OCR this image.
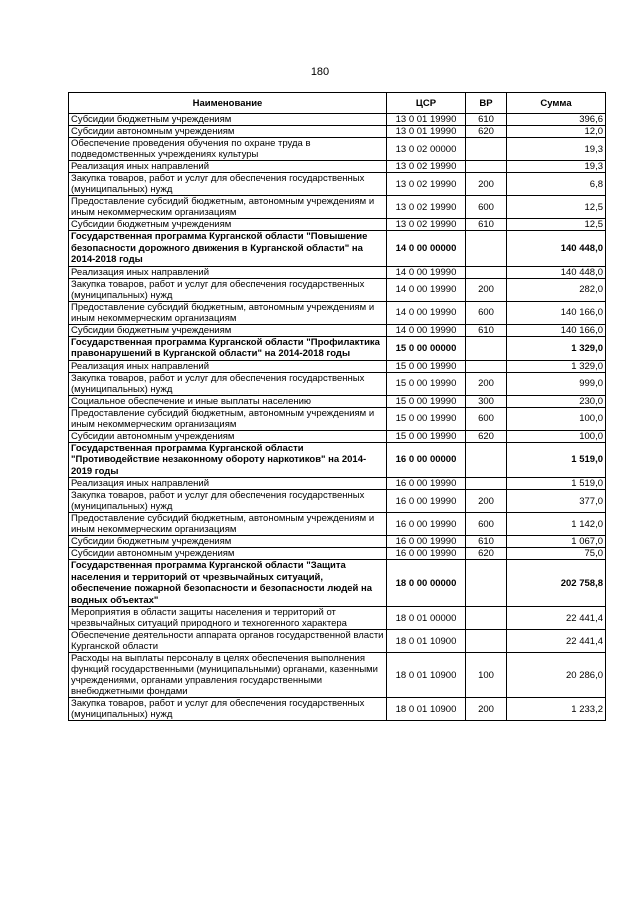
180
Наименование	ЦСР	ВР	Сумма
Субсидии бюджетным учреждениям	13 0 01 19990	610	396,6
Субсидии автономным учреждениям	13 0 01 19990	620	12,0
Обеспечение проведения обучения по охране труда в подведомственных учреждениях культуры	13 0 02 00000		19,3
Реализация иных направлений	13 0 02 19990		19,3
Закупка товаров, работ и услуг для обеспечения государственных (муниципальных) нужд	13 0 02 19990	200	6,8
Предоставление субсидий бюджетным, автономным учреждениям и иным некоммерческим организациям	13 0 02 19990	600	12,5
Субсидии бюджетным учреждениям	13 0 02 19990	610	12,5
Государственная программа Курганской области "Повышение безопасности дорожного движения в Курганской области" на 2014-2018 годы	14 0 00 00000		140 448,0
Реализация иных направлений	14 0 00 19990		140 448,0
Закупка товаров, работ и услуг для обеспечения государственных (муниципальных) нужд	14 0 00 19990	200	282,0
Предоставление субсидий бюджетным, автономным учреждениям и иным некоммерческим организациям	14 0 00 19990	600	140 166,0
Субсидии бюджетным учреждениям	14 0 00 19990	610	140 166,0
Государственная программа Курганской области "Профилактика правонарушений в Курганской области" на 2014-2018 годы	15 0 00 00000		1 329,0
Реализация иных направлений	15 0 00 19990		1 329,0
Закупка товаров, работ и услуг для обеспечения государственных (муниципальных) нужд	15 0 00 19990	200	999,0
Социальное обеспечение и иные выплаты населению	15 0 00 19990	300	230,0
Предоставление субсидий бюджетным, автономным учреждениям и иным некоммерческим организациям	15 0 00 19990	600	100,0
Субсидии автономным учреждениям	15 0 00 19990	620	100,0
Государственная программа Курганской области "Противодействие незаконному обороту наркотиков" на 2014-2019 годы	16 0 00 00000		1 519,0
Реализация иных направлений	16 0 00 19990		1 519,0
Закупка товаров, работ и услуг для обеспечения государственных (муниципальных) нужд	16 0 00 19990	200	377,0
Предоставление субсидий бюджетным, автономным учреждениям и иным некоммерческим организациям	16 0 00 19990	600	1 142,0
Субсидии бюджетным учреждениям	16 0 00 19990	610	1 067,0
Субсидии автономным учреждениям	16 0 00 19990	620	75,0
Государственная программа Курганской области "Защита населения и территорий от чрезвычайных ситуаций, обеспечение пожарной безопасности и безопасности людей на водных объектах"	18 0 00 00000		202 758,8
Мероприятия в области защиты населения и территорий от чрезвычайных ситуаций природного и техногенного характера	18 0 01 00000		22 441,4
Обеспечение деятельности аппарата органов государственной власти Курганской области	18 0 01 10900		22 441,4
Расходы на выплаты персоналу в целях обеспечения выполнения функций государственными (муниципальными) органами, казенными учреждениями, органами управления государственными внебюджетными фондами	18 0 01 10900	100	20 286,0
Закупка товаров, работ и услуг для обеспечения государственных (муниципальных) нужд	18 0 01 10900	200	1 233,2
